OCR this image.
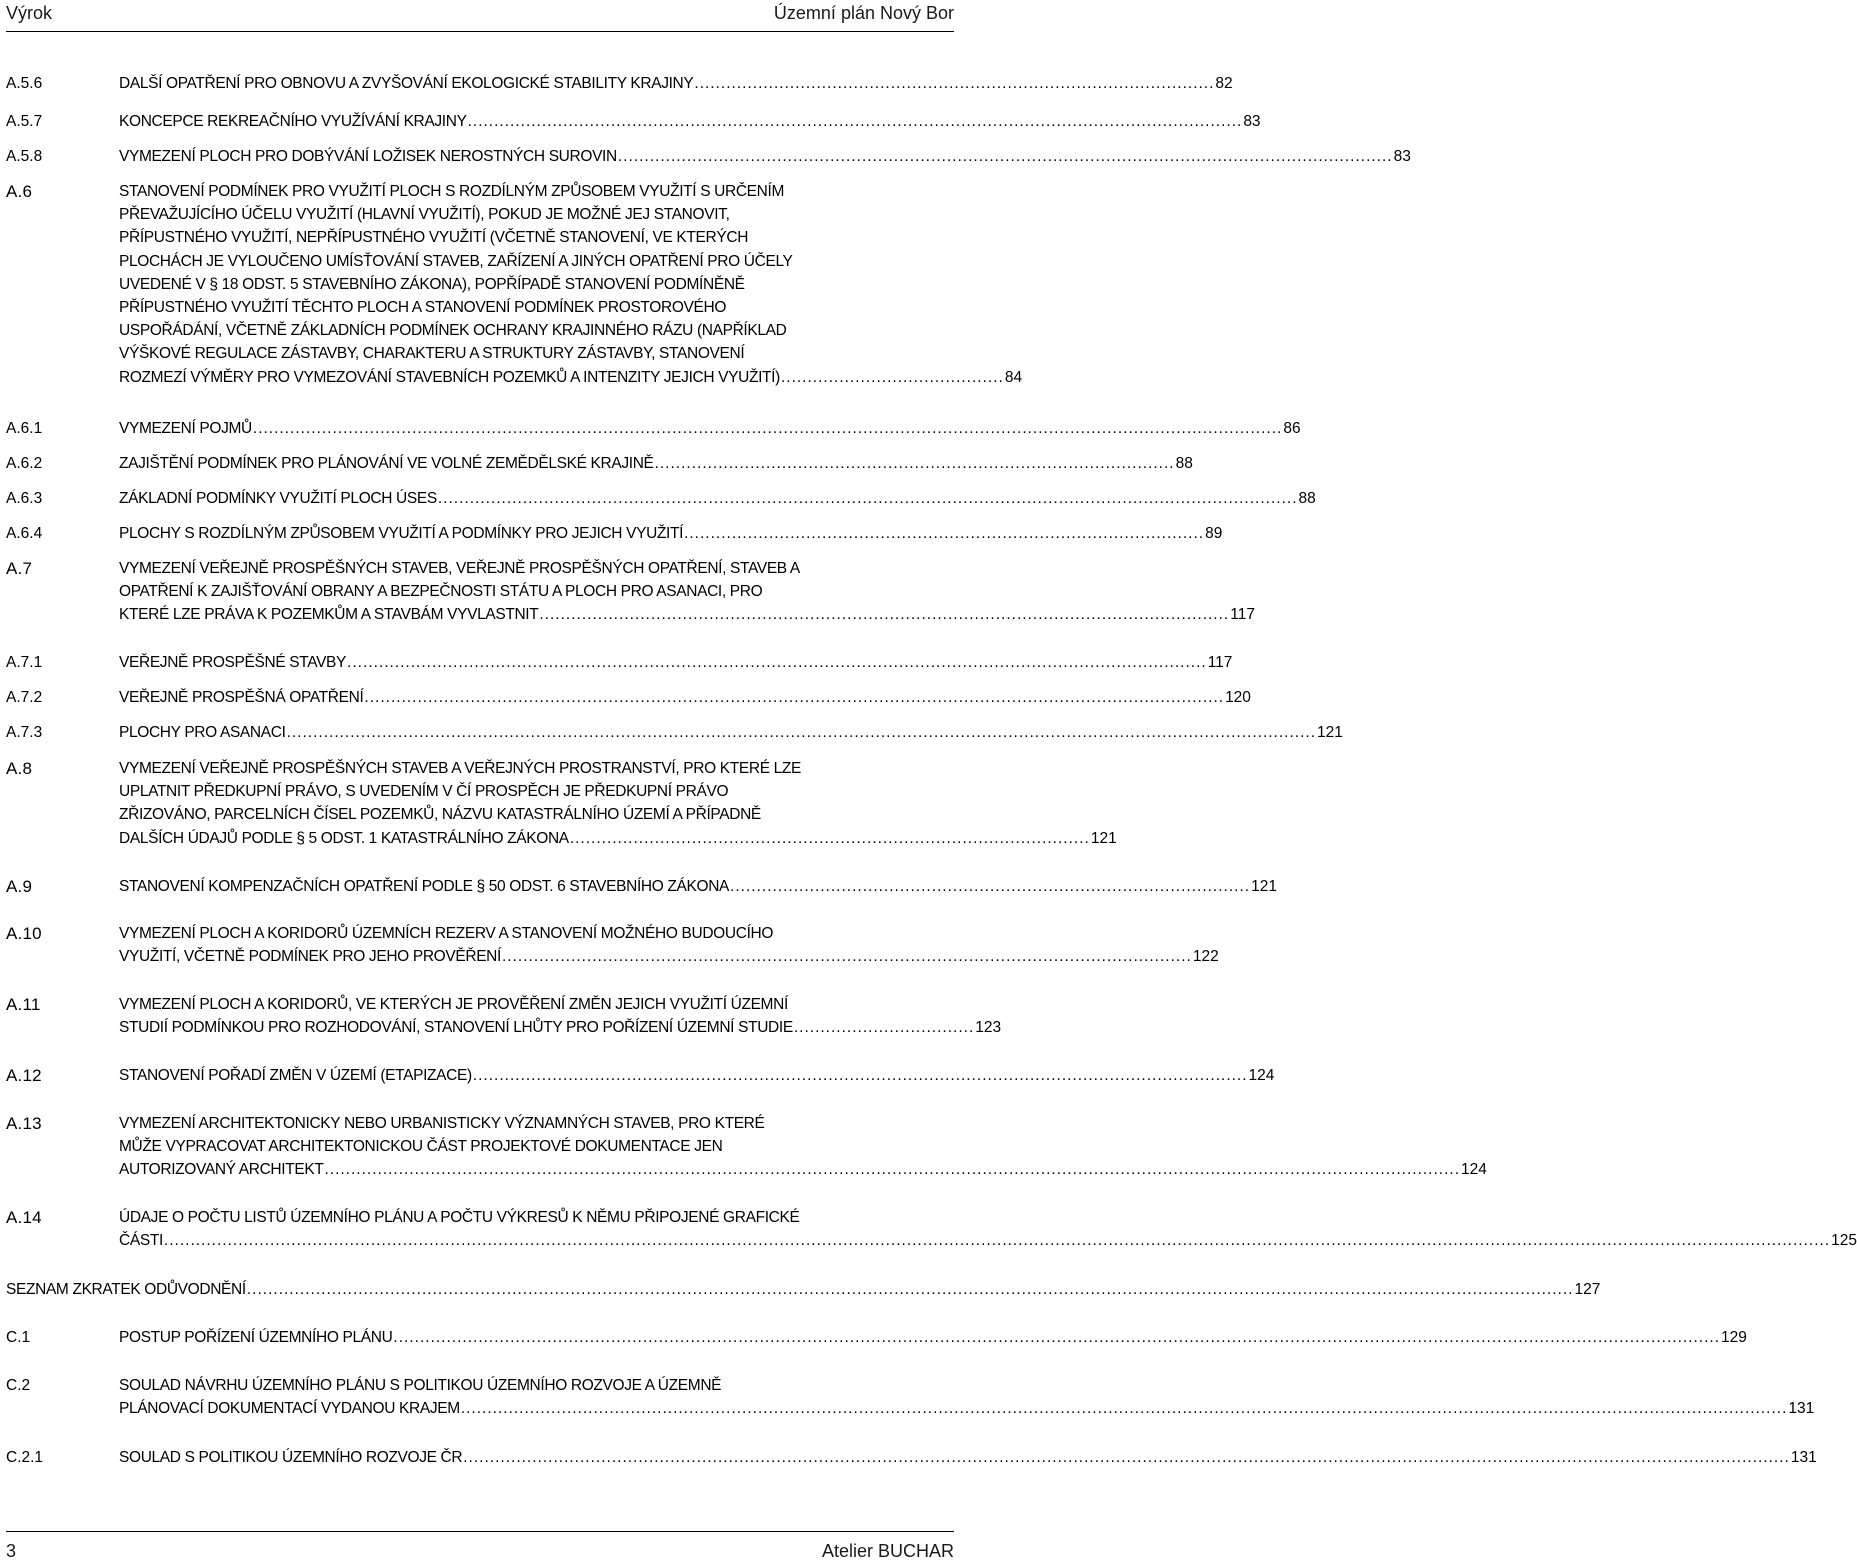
Výrok	Územní plán Nový Bor
A.5.6	DALŠÍ OPATŘENÍ PRO OBNOVU A ZVYŠOVÁNÍ EKOLOGICKÉ STABILITY KRAJINY .................................................................................................. 82
A.5.7	KONCEPCE REKREAČNÍHO VYUŽÍVÁNÍ KRAJINY .................................................................................................................................................. 83
A.5.8	VYMEZENÍ PLOCH PRO DOBÝVÁNÍ LOŽISEK NEROSTNÝCH SUROVIN .................................................................................................................................................. 83
A.6	STANOVENÍ PODMÍNEK PRO VYUŽITÍ PLOCH S ROZDÍLNÝM ZPŮSOBEM VYUŽITÍ S URČENÍM
PŘEVAŽUJÍCÍHO ÚČELU VYUŽITÍ (HLAVNÍ VYUŽITÍ), POKUD JE MOŽNÉ JEJ STANOVIT,
PŘÍPUSTNÉHO VYUŽITÍ, NEPŘÍPUSTNÉHO VYUŽITÍ (VČETNĚ STANOVENÍ, VE KTERÝCH
PLOCHÁCH JE VYLOUČENO UMÍSŤOVÁNÍ STAVEB, ZAŘÍZENÍ A JINÝCH OPATŘENÍ PRO ÚČELY
UVEDENÉ V § 18 ODST. 5 STAVEBNÍHO ZÁKONA), POPŘÍPADĚ STANOVENÍ PODMÍNĚNĚ
PŘÍPUSTNÉHO VYUŽITÍ TĚCHTO PLOCH A STANOVENÍ PODMÍNEK PROSTOROVÉHO
USPOŘÁDÁNÍ, VČETNĚ ZÁKLADNÍCH PODMÍNEK OCHRANY KRAJINNÉHO RÁZU (NAPŘÍKLAD
VÝŠKOVÉ REGULACE ZÁSTAVBY, CHARAKTERU A STRUKTURY ZÁSTAVBY, STANOVENÍ
ROZMEZÍ VÝMĚRY PRO VYMEZOVÁNÍ STAVEBNÍCH POZEMKŮ A INTENZITY JEJICH VYUŽITÍ) .......................................... 84
A.6.1	VYMEZENÍ POJMŮ .................................................................................................................................................................................................. 86
A.6.2	ZAJIŠTĚNÍ PODMÍNEK PRO PLÁNOVÁNÍ VE VOLNÉ ZEMĚDĚLSKÉ KRAJINĚ .................................................................................................. 88
A.6.3	ZÁKLADNÍ PODMÍNKY VYUŽITÍ PLOCH ÚSES .................................................................................................................................................................. 88
A.6.4	PLOCHY S ROZDÍLNÝM ZPŮSOBEM VYUŽITÍ A PODMÍNKY PRO JEJICH VYUŽITÍ .................................................................................................. 89
A.7	VYMEZENÍ VEŘEJNĚ PROSPĚŠNÝCH STAVEB, VEŘEJNĚ PROSPĚŠNÝCH OPATŘENÍ, STAVEB A
OPATŘENÍ K ZAJIŠŤOVÁNÍ OBRANY A BEZPEČNOSTI STÁTU A PLOCH PRO ASANACI, PRO
KTERÉ LZE PRÁVA K POZEMKŮM A STAVBÁM VYVLASTNIT .................................................................................................................................. 117
A.7.1	VEŘEJNĚ PROSPĚŠNÉ STAVBY .................................................................................................................................................................. 117
A.7.2	VEŘEJNĚ PROSPĚŠNÁ OPATŘENÍ .................................................................................................................................................................. 120
A.7.3	PLOCHY PRO ASANACI .................................................................................................................................................................................................. 121
A.8	VYMEZENÍ VEŘEJNĚ PROSPĚŠNÝCH STAVEB A VEŘEJNÝCH PROSTRANSTVÍ, PRO KTERÉ LZE
UPLATNIT PŘEDKUPNÍ PRÁVO, S UVEDENÍM V ČÍ PROSPĚCH JE PŘEDKUPNÍ PRÁVO
ZŘIZOVÁNO, PARCELNÍCH ČÍSEL POZEMKŮ, NÁZVU KATASTRÁLNÍHO ÚZEMÍ A PŘÍPADNĚ
DALŠÍCH ÚDAJŮ PODLE § 5 ODST. 1 KATASTRÁLNÍHO ZÁKONA .................................................................................................. 121
A.9	STANOVENÍ KOMPENZAČNÍCH OPATŘENÍ PODLE § 50 ODST. 6 STAVEBNÍHO ZÁKONA .................................................................................................. 121
A.10	VYMEZENÍ PLOCH A KORIDORŮ ÚZEMNÍCH REZERV A STANOVENÍ MOŽNÉHO BUDOUCÍHO
VYUŽITÍ, VČETNĚ PODMÍNEK PRO JEHO PROVĚŘENÍ .................................................................................................................................. 122
A.11	VYMEZENÍ PLOCH A KORIDORŮ, VE KTERÝCH JE PROVĚŘENÍ ZMĚN JEJICH VYUŽITÍ ÚZEMNÍ
STUDIÍ PODMÍNKOU PRO ROZHODOVÁNÍ, STANOVENÍ LHŮTY PRO POŘÍZENÍ ÚZEMNÍ STUDIE .................................. 123
A.12	STANOVENÍ POŘADÍ ZMĚN V ÚZEMÍ (ETAPIZACE) .................................................................................................................................................. 124
A.13	VYMEZENÍ ARCHITEKTONICKY NEBO URBANISTICKY VÝZNAMNÝCH STAVEB, PRO KTERÉ
MŮŽE VYPRACOVAT ARCHITEKTONICKOU ČÁST PROJEKTOVÉ DOKUMENTACE JEN
AUTORIZOVANÝ ARCHITEKT ...................................................................................................................................................................................................................... 124
A.14	ÚDAJE O POČTU LISTŮ ÚZEMNÍHO PLÁNU A POČTU VÝKRESŮ K NĚMU PŘIPOJENÉ GRAFICKÉ
ČÁSTI .......................................................................................................................................................................................................................................................................................................................... 125
SEZNAM ZKRATEK ODŮVODNĚNÍ .......................................................................................................................................................................................................................................................... 127
C.1	POSTUP POŘÍZENÍ ÚZEMNÍHO PLÁNU .......................................................................................................................................................................................................................................................... 129
C.2	SOULAD NÁVRHU ÚZEMNÍHO PLÁNU S POLITIKOU ÚZEMNÍHO ROZVOJE A ÚZEMNĚ
PLÁNOVACÍ DOKUMENTACÍ VYDANOU KRAJEM .......................................................................................................................................................................................................................................................... 131
C.2.1	SOULAD S POLITIKOU ÚZEMNÍHO ROZVOJE ČR .......................................................................................................................................................................................................................................................... 131
3	Atelier BUCHAR
